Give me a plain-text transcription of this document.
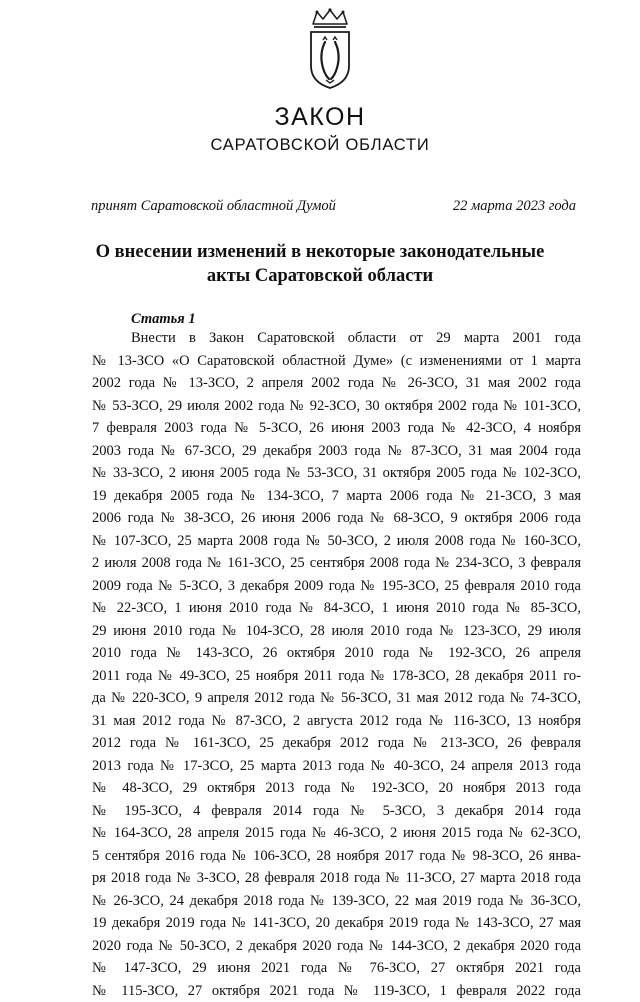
ЗАКОН
САРАТОВСКОЙ ОБЛАСТИ
принят Саратовской областной Думой	22 марта 2023 года
О внесении изменений в некоторые законодательные
акты Саратовской области
Статья 1
Внести в Закон Саратовской области от 29 марта 2001 года
№ 13-ЗСО «О Саратовской областной Думе» (с изменениями от 1 марта
2002 года № 13-ЗСО, 2 апреля 2002 года № 26-ЗСО, 31 мая 2002 года
№ 53-ЗСО, 29 июля 2002 года № 92-ЗСО, 30 октября 2002 года № 101-ЗСО,
7 февраля 2003 года № 5-ЗСО, 26 июня 2003 года № 42-ЗСО, 4 ноября
2003 года № 67-ЗСО, 29 декабря 2003 года № 87-ЗСО, 31 мая 2004 года
№ 33-ЗСО, 2 июня 2005 года № 53-ЗСО, 31 октября 2005 года № 102-ЗСО,
19 декабря 2005 года № 134-ЗСО, 7 марта 2006 года № 21-ЗСО, 3 мая
2006 года № 38-ЗСО, 26 июня 2006 года № 68-ЗСО, 9 октября 2006 года
№ 107-ЗСО, 25 марта 2008 года № 50-ЗСО, 2 июля 2008 года № 160-ЗСО,
2 июля 2008 года № 161-ЗСО, 25 сентября 2008 года № 234-ЗСО, 3 февраля
2009 года № 5-ЗСО, 3 декабря 2009 года № 195-ЗСО, 25 февраля 2010 года
№ 22-ЗСО, 1 июня 2010 года № 84-ЗСО, 1 июня 2010 года № 85-ЗСО,
29 июня 2010 года № 104-ЗСО, 28 июля 2010 года № 123-ЗСО, 29 июля
2010 года № 143-ЗСО, 26 октября 2010 года № 192-ЗСО, 26 апреля
2011 года № 49-ЗСО, 25 ноября 2011 года № 178-ЗСО, 28 декабря 2011 го-
да № 220-ЗСО, 9 апреля 2012 года № 56-ЗСО, 31 мая 2012 года № 74-ЗСО,
31 мая 2012 года № 87-ЗСО, 2 августа 2012 года № 116-ЗСО, 13 ноября
2012 года № 161-ЗСО, 25 декабря 2012 года № 213-ЗСО, 26 февраля
2013 года № 17-ЗСО, 25 марта 2013 года № 40-ЗСО, 24 апреля 2013 года
№ 48-ЗСО, 29 октября 2013 года № 192-ЗСО, 20 ноября 2013 года
№ 195-ЗСО, 4 февраля 2014 года № 5-ЗСО, 3 декабря 2014 года
№ 164-ЗСО, 28 апреля 2015 года № 46-ЗСО, 2 июня 2015 года № 62-ЗСО,
5 сентября 2016 года № 106-ЗСО, 28 ноября 2017 года № 98-ЗСО, 26 янва-
ря 2018 года № 3-ЗСО, 28 февраля 2018 года № 11-ЗСО, 27 марта 2018 года
№ 26-ЗСО, 24 декабря 2018 года № 139-ЗСО, 22 мая 2019 года № 36-ЗСО,
19 декабря 2019 года № 141-ЗСО, 20 декабря 2019 года № 143-ЗСО, 27 мая
2020 года № 50-ЗСО, 2 декабря 2020 года № 144-ЗСО, 2 декабря 2020 года
№ 147-ЗСО, 29 июня 2021 года № 76-ЗСО, 27 октября 2021 года
№ 115-ЗСО, 27 октября 2021 года № 119-ЗСО, 1 февраля 2022 года
